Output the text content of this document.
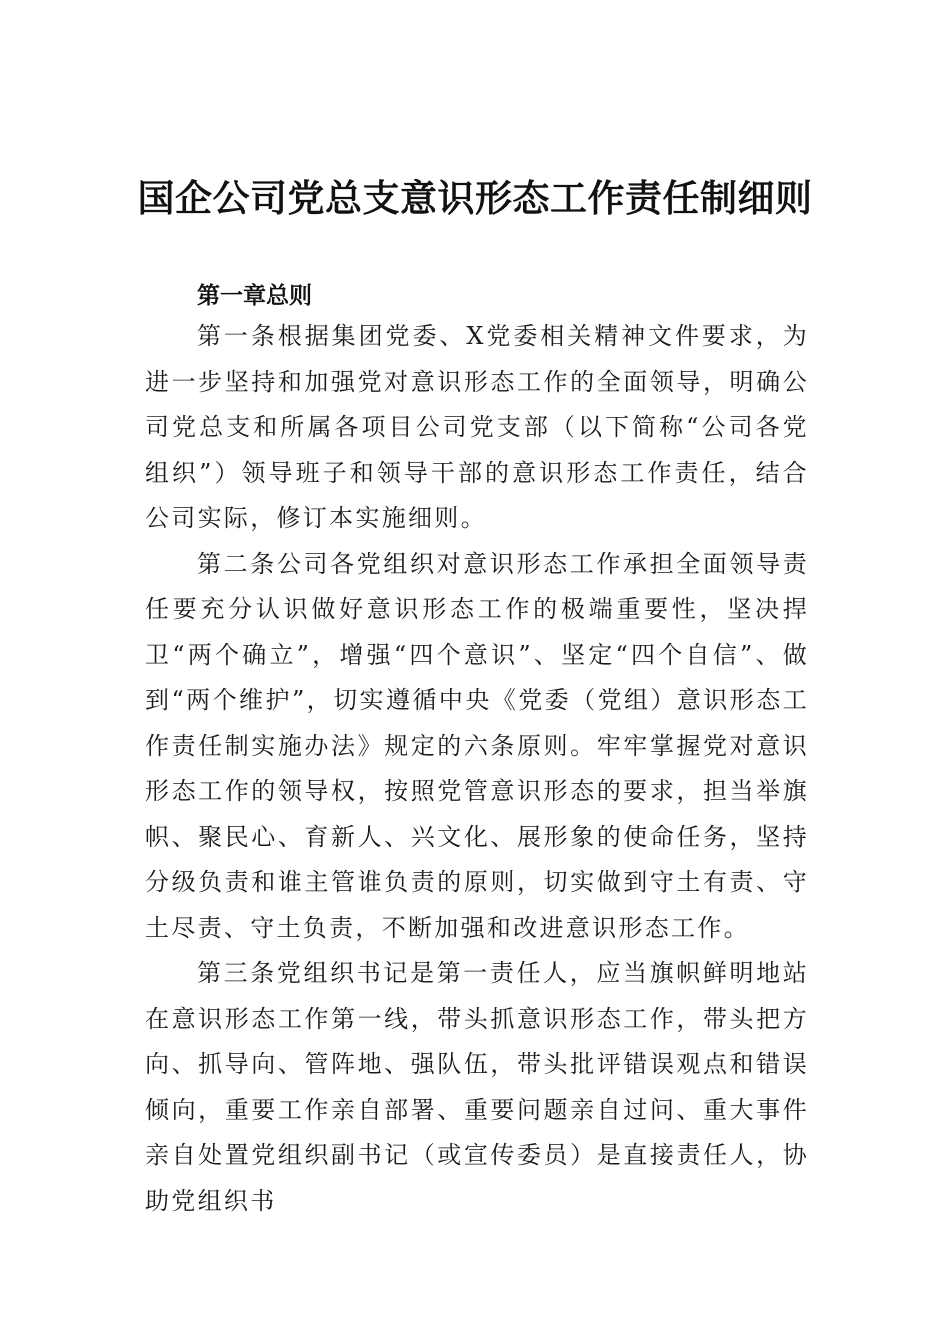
国企公司党总支意识形态工作责任制细则
第一章总则

第一条根据集团党委、X党委相关精神文件要求，为进一步坚持和加强党对意识形态工作的全面领导，明确公司党总支和所属各项目公司党支部（以下简称“公司各党组织”）领导班子和领导干部的意识形态工作责任，结合公司实际，修订本实施细则。

第二条公司各党组织对意识形态工作承担全面领导责任要充分认识做好意识形态工作的极端重要性，坚决捍卫“两个确立”，增强“四个意识”、坚定“四个自信”、做到“两个维护”，切实遵循中央《党委（党组）意识形态工作责任制实施办法》规定的六条原则。牢牢掌握党对意识形态工作的领导权，按照党管意识形态的要求，担当举旗帜、聚民心、育新人、兴文化、展形象的使命任务，坚持分级负责和谁主管谁负责的原则，切实做到守土有责、守土尽责、守土负责，不断加强和改进意识形态工作。

第三条党组织书记是第一责任人，应当旗帜鲜明地站在意识形态工作第一线，带头抓意识形态工作，带头把方向、抓导向、管阵地、强队伍，带头批评错误观点和错误倾向，重要工作亲自部署、重要问题亲自过问、重大事件亲自处置党组织副书记（或宣传委员）是直接责任人，协助党组织书
